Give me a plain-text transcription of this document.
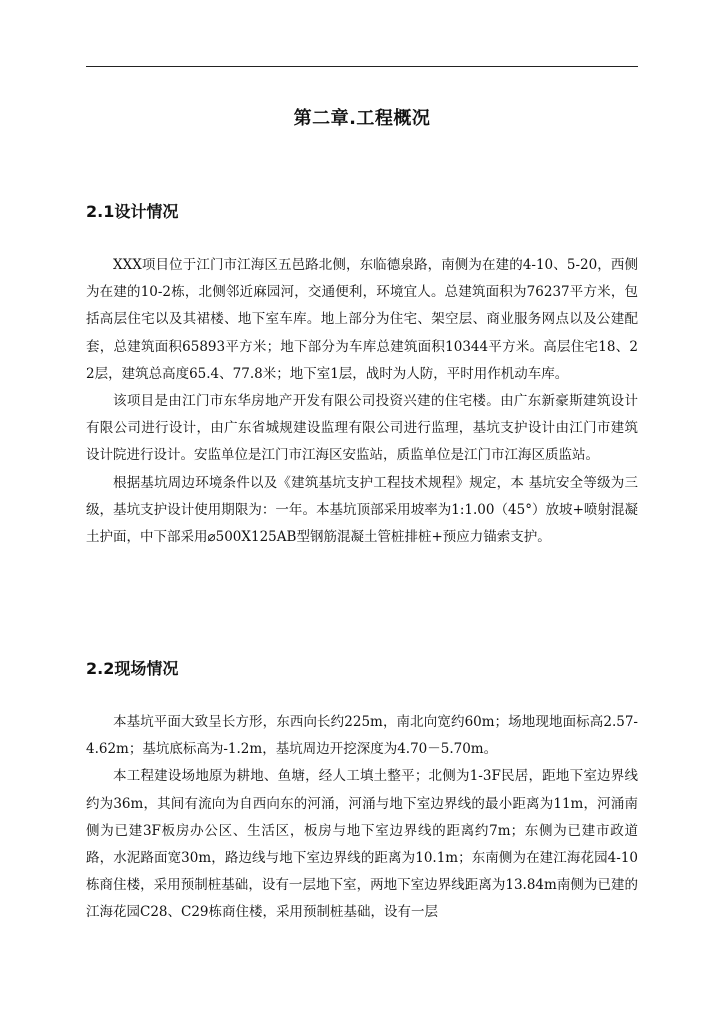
第二章.工程概况
2.1设计情况

XXX项目位于江门市江海区五邑路北侧，东临德泉路，南侧为在建的4-10、5-20，西侧为在建的10-2栋，北侧邻近麻园河，交通便利，环境宜人。总建筑面积为76237平方米，包括高层住宅以及其裙楼、地下室车库。地上部分为住宅、架空层、商业服务网点以及公建配套，总建筑面积65893平方米；地下部分为车库总建筑面积10344平方米。高层住宅18、22层，建筑总高度65.4、77.8米；地下室1层，战时为人防，平时用作机动车库。

该项目是由江门市东华房地产开发有限公司投资兴建的住宅楼。由广东新豪斯建筑设计有限公司进行设计，由广东省城规建设监理有限公司进行监理，基坑支护设计由江门市建筑设计院进行设计。安监单位是江门市江海区安监站，质监单位是江门市江海区质监站。

根据基坑周边环境条件以及《建筑基坑支护工程技术规程》规定，本 基坑安全等级为三级，基坑支护设计使用期限为：一年。本基坑顶部采用坡率为1:1.00（45°）放坡+喷射混凝土护面，中下部采用⌀500X125AB型钢筋混凝土管桩排桩+预应力锚索支护。

2.2现场情况

本基坑平面大致呈长方形，东西向长约225m，南北向宽约60m；场地现地面标高2.57-4.62m；基坑底标高为-1.2m，基坑周边开挖深度为4.70－5.70m。

本工程建设场地原为耕地、鱼塘，经人工填土整平；北侧为1-3F民居，距地下室边界线约为36m，其间有流向为自西向东的河涌，河涌与地下室边界线的最小距离为11m，河涌南侧为已建3F板房办公区、生活区，板房与地下室边界线的距离约7m；东侧为已建市政道路，水泥路面宽30m，路边线与地下室边界线的距离为10.1m；东南侧为在建江海花园4-10栋商住楼，采用预制桩基础，设有一层地下室，两地下室边界线距离为13.84m南侧为已建的江海花园C28、C29栋商住楼，采用预制桩基础，设有一层
